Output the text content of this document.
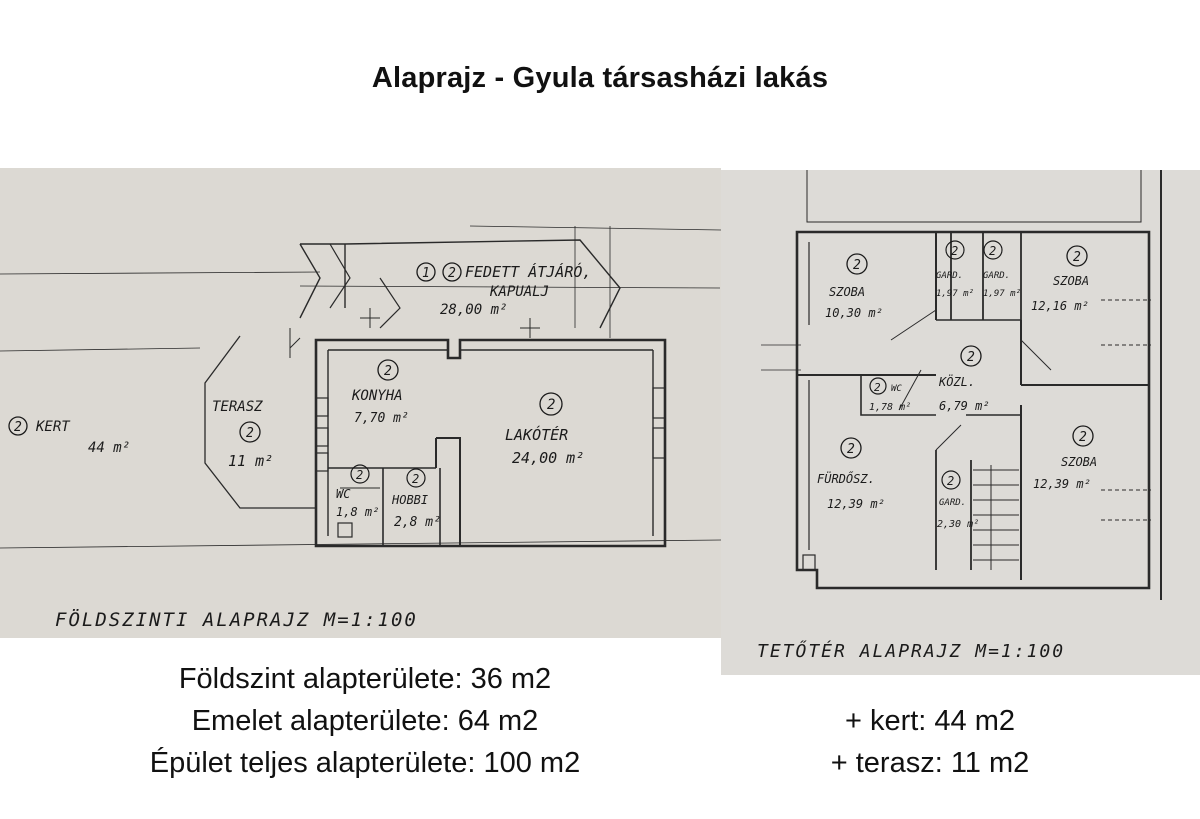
Alaprajz - Gyula társasházi lakás
1 2 FEDETT ÁTJÁRÓ,
KAPUALJ
28,00 m²
2 KERT
44 m²
TERASZ
2
11 m²
2
KONYHA
7,70 m²
2
LAKÓTÉR
24,00 m²
2
WC
1,8 m²
2
HOBBI
2,8 m²
FÖLDSZINTI ALAPRAJZ M=1:100
2
SZOBA
10,30 m²
2
GARD.
1,97 m²
2
GARD.
1,97 m²
2
SZOBA
12,16 m²
2
KÖZL.
6,79 m²
2 WC
1,78 m²
2
FÜRDŐSZ.
12,39 m²
2
GARD.
2,30 m²
2
SZOBA
12,39 m²
TETŐTÉR ALAPRAJZ M=1:100
Földszint alapterülete: 36 m2
Emelet alapterülete: 64 m2
Épület teljes alapterülete: 100 m2
+ kert: 44 m2
+ terasz: 11 m2
